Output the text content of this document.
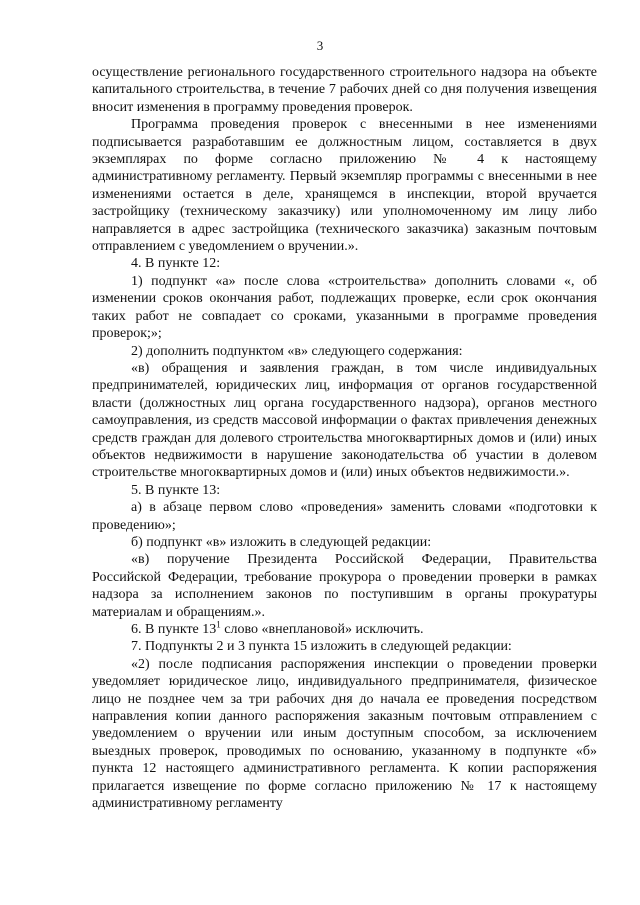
3

осуществление регионального государственного строительного надзора на объекте капитального строительства, в течение 7 рабочих дней со дня получения извещения вносит изменения в программу проведения проверок.

Программа проведения проверок с внесенными в нее изменениями подписывается разработавшим ее должностным лицом, составляется в двух экземплярах по форме согласно приложению № 4 к настоящему административному регламенту. Первый экземпляр программы с внесенными в нее изменениями остается в деле, хранящемся в инспекции, второй вручается застройщику (техническому заказчику) или уполномоченному им лицу либо направляется в адрес застройщика (технического заказчика) заказным почтовым отправлением с уведомлением о вручении.».

4. В пункте 12:

1) подпункт «а» после слова «строительства» дополнить словами «, об изменении сроков окончания работ, подлежащих проверке, если срок окончания таких работ не совпадает со сроками, указанными в программе проведения проверок;»;

2) дополнить подпунктом «в» следующего содержания:

«в) обращения и заявления граждан, в том числе индивидуальных предпринимателей, юридических лиц, информация от органов государственной власти (должностных лиц органа государственного надзора), органов местного самоуправления, из средств массовой информации о фактах привлечения денежных средств граждан для долевого строительства многоквартирных домов и (или) иных объектов недвижимости в нарушение законодательства об участии в долевом строительстве многоквартирных домов и (или) иных объектов недвижимости.».

5. В пункте 13:

а) в абзаце первом слово «проведения» заменить словами «подготовки к проведению»;

б) подпункт «в» изложить в следующей редакции:

«в) поручение Президента Российской Федерации, Правительства Российской Федерации, требование прокурора о проведении проверки в рамках надзора за исполнением законов по поступившим в органы прокуратуры материалам и обращениям.».

6. В пункте $13^1$ слово «внеплановой» исключить.

7. Подпункты 2 и 3 пункта 15 изложить в следующей редакции:

«2) после подписания распоряжения инспекции о проведении проверки уведомляет юридическое лицо, индивидуального предпринимателя, физическое лицо не позднее чем за три рабочих дня до начала ее проведения посредством направления копии данного распоряжения заказным почтовым отправлением с уведомлением о вручении или иным доступным способом, за исключением выездных проверок, проводимых по основанию, указанному в подпункте «б» пункта 12 настоящего административного регламента. К копии распоряжения прилагается извещение по форме согласно приложению № 17 к настоящему административному регламенту
